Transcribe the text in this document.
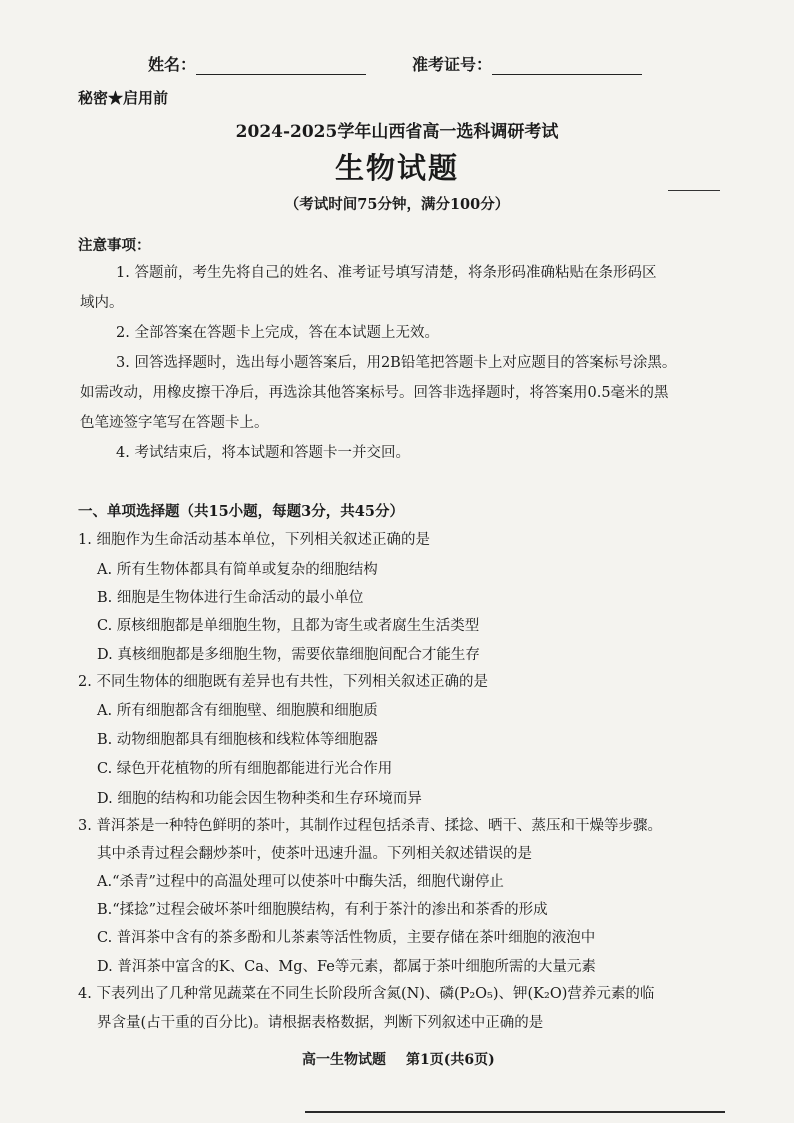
姓名：	准考证号：
秘密★启用前
2024-2025学年山西省高一选科调研考试
生物试题
（考试时间75分钟，满分100分）
注意事项：
1. 答题前，考生先将自己的姓名、准考证号填写清楚，将条形码准确粘贴在条形码区
域内。
2. 全部答案在答题卡上完成，答在本试题上无效。
3. 回答选择题时，选出每小题答案后，用2B铅笔把答题卡上对应题目的答案标号涂黑。
如需改动，用橡皮擦干净后，再选涂其他答案标号。回答非选择题时，将答案用0.5毫米的黑
色笔迹签字笔写在答题卡上。
4. 考试结束后，将本试题和答题卡一并交回。
一、单项选择题（共15小题，每题3分，共45分）
1. 细胞作为生命活动基本单位，下列相关叙述正确的是
A. 所有生物体都具有简单或复杂的细胞结构
B. 细胞是生物体进行生命活动的最小单位
C. 原核细胞都是单细胞生物，且都为寄生或者腐生生活类型
D. 真核细胞都是多细胞生物，需要依靠细胞间配合才能生存
2. 不同生物体的细胞既有差异也有共性，下列相关叙述正确的是
A. 所有细胞都含有细胞壁、细胞膜和细胞质
B. 动物细胞都具有细胞核和线粒体等细胞器
C. 绿色开花植物的所有细胞都能进行光合作用
D. 细胞的结构和功能会因生物种类和生存环境而异
3. 普洱茶是一种特色鲜明的茶叶，其制作过程包括杀青、揉捻、晒干、蒸压和干燥等步骤。
其中杀青过程会翻炒茶叶，使茶叶迅速升温。下列相关叙述错误的是
A.“杀青”过程中的高温处理可以使茶叶中酶失活，细胞代谢停止
B.“揉捻”过程会破坏茶叶细胞膜结构，有利于茶汁的渗出和茶香的形成
C. 普洱茶中含有的茶多酚和儿茶素等活性物质，主要存储在茶叶细胞的液泡中
D. 普洱茶中富含的K、Ca、Mg、Fe等元素，都属于茶叶细胞所需的大量元素
4. 下表列出了几种常见蔬菜在不同生长阶段所含氮(N)、磷(P₂O₅)、钾(K₂O)营养元素的临
界含量(占干重的百分比)。请根据表格数据，判断下列叙述中正确的是
高一生物试题 第1页(共6页)
